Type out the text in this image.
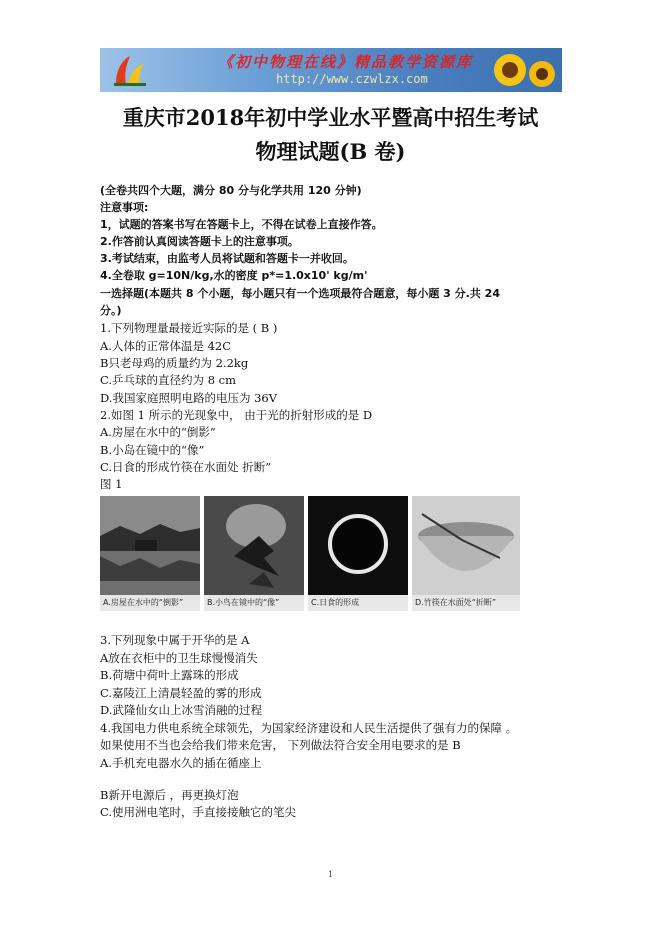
《初中物理在线》精品教学资源库
http://www.czwlzx.com
重庆市2018年初中学业水平暨高中招生考试
物理试题(B 卷)
(全卷共四个大题，满分 80 分与化学共用 120 分钟)
注意事项:
1，试题的答案书写在答题卡上，不得在试卷上直接作答。
2.作答前认真阅读答题卡上的注意事项。
3.考试结束，由监考人员将试题和答题卡一并收回。
4.全卷取 g=10N/kg,水的密度 p*=1.0x10' kg/m'
一选择题(本题共 8 个小题，每小题只有一个选项最符合题意，每小题 3 分.共 24
分。)
1.下列物理量最接近实际的是 ( B )
A.人体的正常体温是 42C
B只老母鸡的质量约为 2.2kg
C.乒乓球的直径约为 8 cm
D.我国家庭照明电路的电压为 36V
2.如图 1 所示的光现象中， 由于光的折射形成的是 D
A.房屋在水中的“倒影”
B.小岛在镜中的“像”
C.日食的形成竹筷在水面处 折断”
图 1
A.房屋在水中的“倒影”	B.小鸟在镜中的“像”	C.日食的形成	D.竹筷在水面处“折断”
3.下列现象中属于开华的是 A
A放在衣柜中的卫生球慢慢消失
B.荷塘中荷叶上露珠的形成
C.嘉陵江上清晨轻盈的雾的形成
D.武隆仙女山上冰雪消融的过程
4.我国电力供电系统全球领先，为国家经济建设和人民生活提供了强有力的保障 。
如果使用不当也会给我们带来危害， 下列做法符合安全用电要求的是 B
A.手机充电器水久的插在循座上
B新开电源后 ，再更换灯泡
C.使用洲电笔时，手直接接触它的笔尖
1
